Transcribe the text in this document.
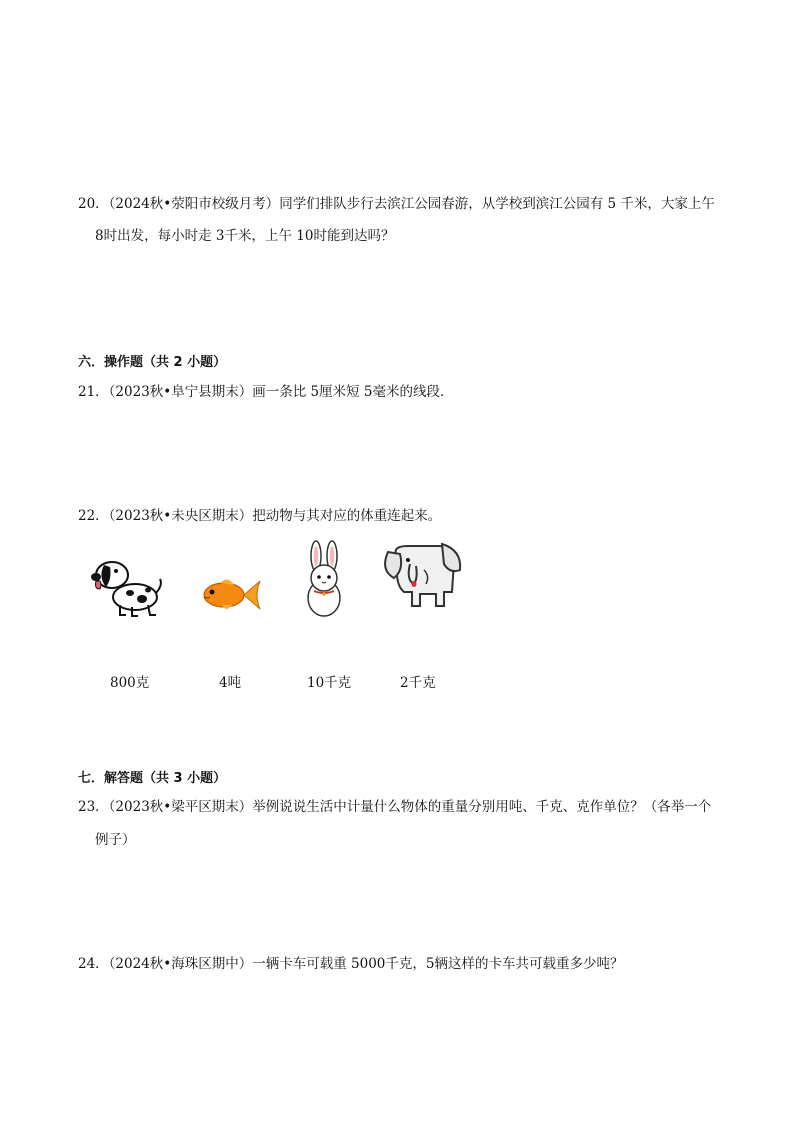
20．（2024秋•荥阳市校级月考）同学们排队步行去滨江公园春游，从学校到滨江公园有 5 千米，大家上午
8时出发，每小时走 3千米，上午 10时能到达吗？
六．操作题（共 2 小题）
21．（2023秋•阜宁县期末）画一条比 5厘米短 5毫米的线段．
22．（2023秋•未央区期末）把动物与其对应的体重连起来。
800克	4吨	10千克	2千克
七．解答题（共 3 小题）
23．（2023秋•梁平区期末）举例说说生活中计量什么物体的重量分别用吨、千克、克作单位？（各举一个
例子）
24．（2024秋•海珠区期中）一辆卡车可载重 5000千克，5辆这样的卡车共可载重多少吨？
